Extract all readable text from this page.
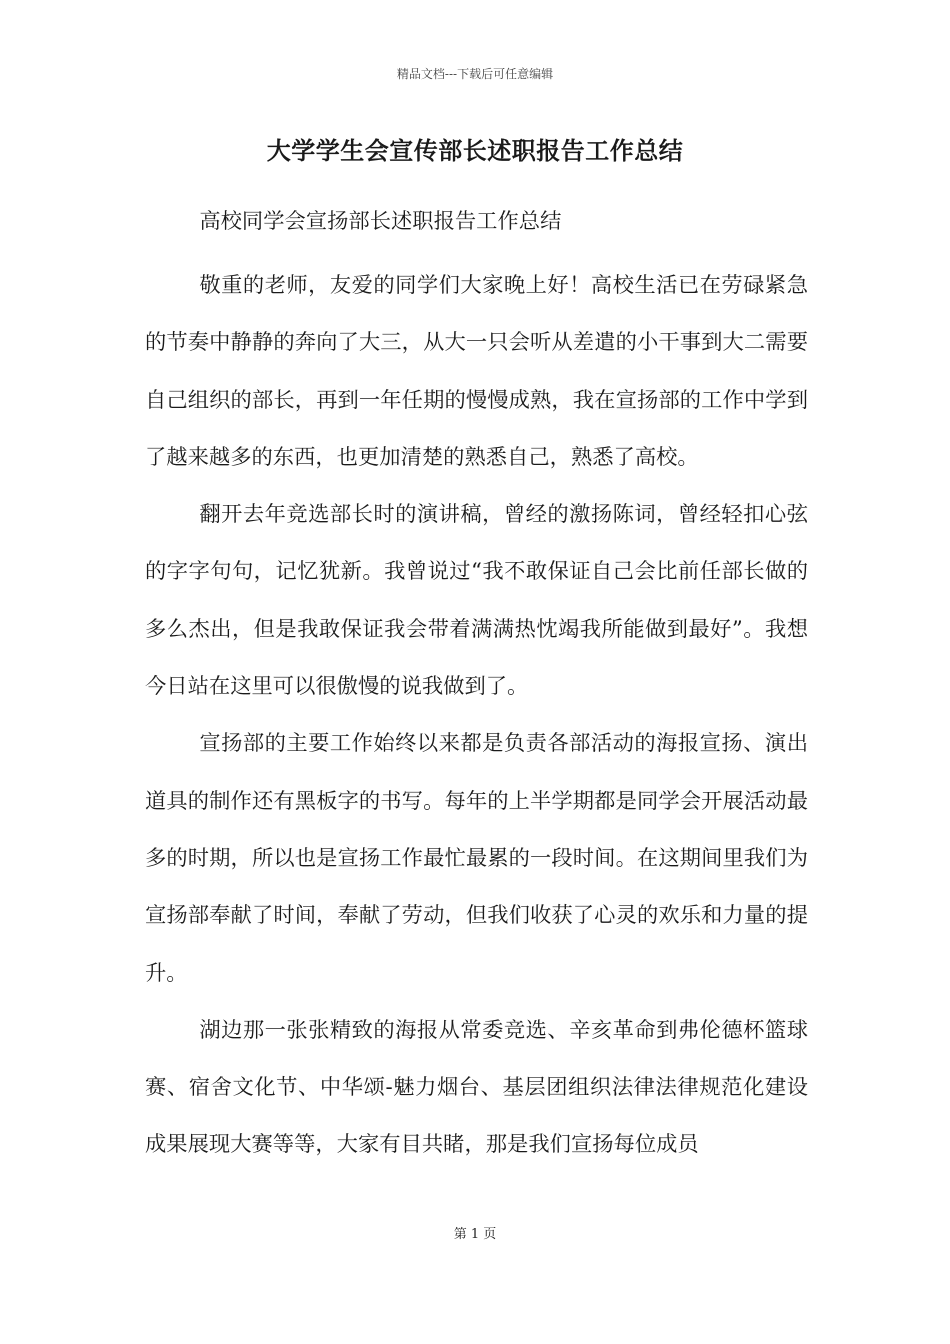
精品文档---下载后可任意编辑
大学学生会宣传部长述职报告工作总结

高校同学会宣扬部长述职报告工作总结

敬重的老师，友爱的同学们大家晚上好！高校生活已在劳碌紧急的节奏中静静的奔向了大三，从大一只会听从差遣的小干事到大二需要自己组织的部长，再到一年任期的慢慢成熟，我在宣扬部的工作中学到了越来越多的东西，也更加清楚的熟悉自己，熟悉了高校。

翻开去年竞选部长时的演讲稿，曾经的激扬陈词，曾经轻扣心弦的字字句句，记忆犹新。我曾说过“我不敢保证自己会比前任部长做的多么杰出，但是我敢保证我会带着满满热忱竭我所能做到最好”。我想今日站在这里可以很傲慢的说我做到了。

宣扬部的主要工作始终以来都是负责各部活动的海报宣扬、演出道具的制作还有黑板字的书写。每年的上半学期都是同学会开展活动最多的时期，所以也是宣扬工作最忙最累的一段时间。在这期间里我们为宣扬部奉献了时间，奉献了劳动，但我们收获了心灵的欢乐和力量的提升。

湖边那一张张精致的海报从常委竞选、辛亥革命到弗伦德杯篮球赛、宿舍文化节、中华颂-魅力烟台、基层团组织法律法律规范化建设成果展现大赛等等，大家有目共睹，那是我们宣扬每位成员

第 1 页
